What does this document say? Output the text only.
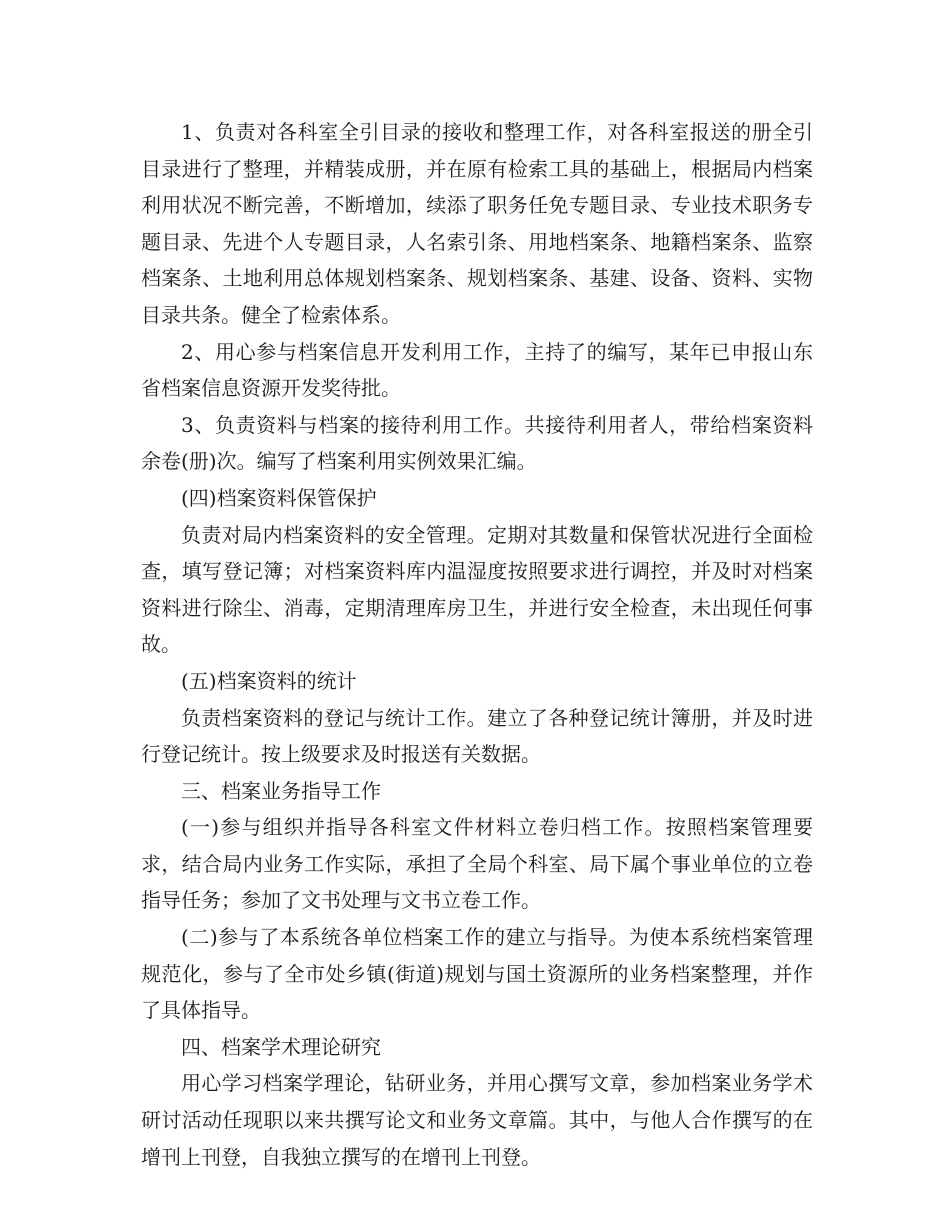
1、负责对各科室全引目录的接收和整理工作，对各科室报送的册全引目录进行了整理，并精装成册，并在原有检索工具的基础上，根据局内档案利用状况不断完善，不断增加，续添了职务任免专题目录、专业技术职务专题目录、先进个人专题目录，人名索引条、用地档案条、地籍档案条、监察档案条、土地利用总体规划档案条、规划档案条、基建、设备、资料、实物目录共条。健全了检索体系。

2、用心参与档案信息开发利用工作，主持了的编写，某年已申报山东省档案信息资源开发奖待批。

3、负责资料与档案的接待利用工作。共接待利用者人，带给档案资料余卷(册)次。编写了档案利用实例效果汇编。

(四)档案资料保管保护

负责对局内档案资料的安全管理。定期对其数量和保管状况进行全面检查，填写登记簿；对档案资料库内温湿度按照要求进行调控，并及时对档案资料进行除尘、消毒，定期清理库房卫生，并进行安全检查，未出现任何事故。

(五)档案资料的统计

负责档案资料的登记与统计工作。建立了各种登记统计簿册，并及时进行登记统计。按上级要求及时报送有关数据。

三、档案业务指导工作

(一)参与组织并指导各科室文件材料立卷归档工作。按照档案管理要求，结合局内业务工作实际，承担了全局个科室、局下属个事业单位的立卷指导任务；参加了文书处理与文书立卷工作。

(二)参与了本系统各单位档案工作的建立与指导。为使本系统档案管理规范化，参与了全市处乡镇(街道)规划与国土资源所的业务档案整理，并作了具体指导。

四、档案学术理论研究

用心学习档案学理论，钻研业务，并用心撰写文章，参加档案业务学术研讨活动任现职以来共撰写论文和业务文章篇。其中，与他人合作撰写的在增刊上刊登，自我独立撰写的在增刊上刊登。
